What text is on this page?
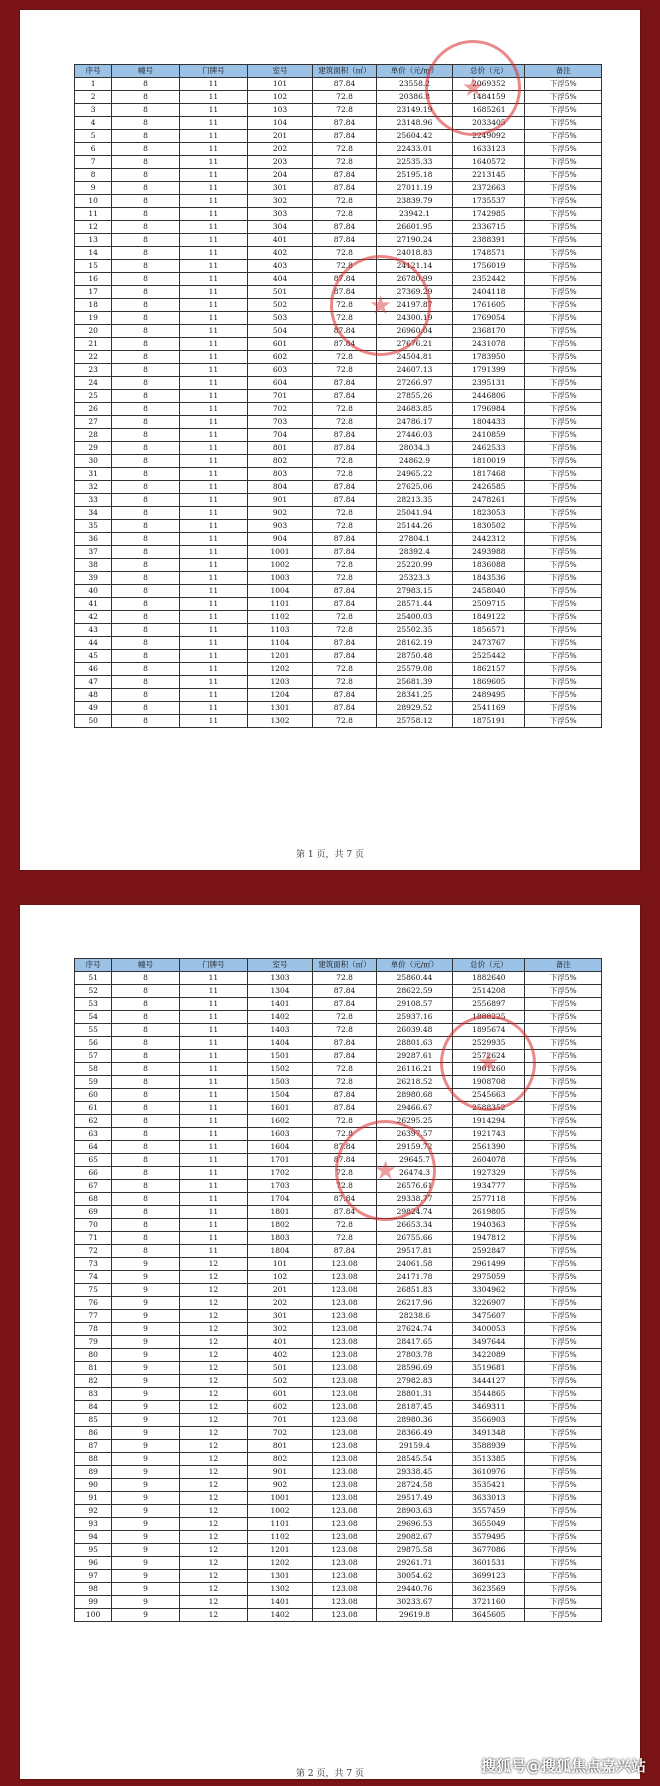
序号	幢号	门牌号	室号	建筑面积（㎡）	单价（元/㎡）	总价（元）	备注
1	8	11	101	87.84	23558.2	2069352	下浮5%
2	8	11	102	72.8	20386.8	1484159	下浮5%
3	8	11	103	72.8	23149.19	1685261	下浮5%
4	8	11	104	87.84	23148.96	2033405	下浮5%
5	8	11	201	87.84	25604.42	2249092	下浮5%
6	8	11	202	72.8	22433.01	1633123	下浮5%
7	8	11	203	72.8	22535.33	1640572	下浮5%
8	8	11	204	87.84	25195.18	2213145	下浮5%
9	8	11	301	87.84	27011.19	2372663	下浮5%
10	8	11	302	72.8	23839.79	1735537	下浮5%
11	8	11	303	72.8	23942.1	1742985	下浮5%
12	8	11	304	87.84	26601.95	2336715	下浮5%
13	8	11	401	87.84	27190.24	2388391	下浮5%
14	8	11	402	72.8	24018.83	1748571	下浮5%
15	8	11	403	72.8	24121.14	1756019	下浮5%
16	8	11	404	87.84	26780.99	2352442	下浮5%
17	8	11	501	87.84	27369.29	2404118	下浮5%
18	8	11	502	72.8	24197.87	1761605	下浮5%
19	8	11	503	72.8	24300.19	1769054	下浮5%
20	8	11	504	87.84	26960.04	2368170	下浮5%
21	8	11	601	87.84	27676.21	2431078	下浮5%
22	8	11	602	72.8	24504.81	1783950	下浮5%
23	8	11	603	72.8	24607.13	1791399	下浮5%
24	8	11	604	87.84	27266.97	2395131	下浮5%
25	8	11	701	87.84	27855.26	2446806	下浮5%
26	8	11	702	72.8	24683.85	1796984	下浮5%
27	8	11	703	72.8	24786.17	1804433	下浮5%
28	8	11	704	87.84	27446.03	2410859	下浮5%
29	8	11	801	87.84	28034.3	2462533	下浮5%
30	8	11	802	72.8	24862.9	1810019	下浮5%
31	8	11	803	72.8	24965.22	1817468	下浮5%
32	8	11	804	87.84	27625.06	2426585	下浮5%
33	8	11	901	87.84	28213.35	2478261	下浮5%
34	8	11	902	72.8	25041.94	1823053	下浮5%
35	8	11	903	72.8	25144.26	1830502	下浮5%
36	8	11	904	87.84	27804.1	2442312	下浮5%
37	8	11	1001	87.84	28392.4	2493988	下浮5%
38	8	11	1002	72.8	25220.99	1836088	下浮5%
39	8	11	1003	72.8	25323.3	1843536	下浮5%
40	8	11	1004	87.84	27983.15	2458040	下浮5%
41	8	11	1101	87.84	28571.44	2509715	下浮5%
42	8	11	1102	72.8	25400.03	1849122	下浮5%
43	8	11	1103	72.8	25502.35	1856571	下浮5%
44	8	11	1104	87.84	28162.19	2473767	下浮5%
45	8	11	1201	87.84	28750.48	2525442	下浮5%
46	8	11	1202	72.8	25579.08	1862157	下浮5%
47	8	11	1203	72.8	25681.39	1869605	下浮5%
48	8	11	1204	87.84	28341.25	2489495	下浮5%
49	8	11	1301	87.84	28929.52	2541169	下浮5%
50	8	11	1302	72.8	25758.12	1875191	下浮5%
★
★
第 1 页，共 7 页
序号	幢号	门牌号	室号	建筑面积（㎡）	单价（元/㎡）	总价（元）	备注
51	8	11	1303	72.8	25860.44	1882640	下浮5%
52	8	11	1304	87.84	28622.59	2514208	下浮5%
53	8	11	1401	87.84	29108.57	2556897	下浮5%
54	8	11	1402	72.8	25937.16	1888225	下浮5%
55	8	11	1403	72.8	26039.48	1895674	下浮5%
56	8	11	1404	87.84	28801.63	2529935	下浮5%
57	8	11	1501	87.84	29287.61	2572624	下浮5%
58	8	11	1502	72.8	26116.21	1901260	下浮5%
59	8	11	1503	72.8	26218.52	1908708	下浮5%
60	8	11	1504	87.84	28980.68	2545663	下浮5%
61	8	11	1601	87.84	29466.67	2588352	下浮5%
62	8	11	1602	72.8	26295.25	1914294	下浮5%
63	8	11	1603	72.8	26397.57	1921743	下浮5%
64	8	11	1604	87.84	29159.72	2561390	下浮5%
65	8	11	1701	87.84	29645.7	2604078	下浮5%
66	8	11	1702	72.8	26474.3	1927329	下浮5%
67	8	11	1703	72.8	26576.61	1934777	下浮5%
68	8	11	1704	87.84	29338.77	2577118	下浮5%
69	8	11	1801	87.84	29824.74	2619805	下浮5%
70	8	11	1802	72.8	26653.34	1940363	下浮5%
71	8	11	1803	72.8	26755.66	1947812	下浮5%
72	8	11	1804	87.84	29517.81	2592847	下浮5%
73	9	12	101	123.08	24061.58	2961499	下浮5%
74	9	12	102	123.08	24171.78	2975059	下浮5%
75	9	12	201	123.08	26851.83	3304962	下浮5%
76	9	12	202	123.08	26217.96	3226907	下浮5%
77	9	12	301	123.08	28238.6	3475607	下浮5%
78	9	12	302	123.08	27624.74	3400053	下浮5%
79	9	12	401	123.08	28417.65	3497644	下浮5%
80	9	12	402	123.08	27803.78	3422089	下浮5%
81	9	12	501	123.08	28596.69	3519681	下浮5%
82	9	12	502	123.08	27982.83	3444127	下浮5%
83	9	12	601	123.08	28801.31	3544865	下浮5%
84	9	12	602	123.08	28187.45	3469311	下浮5%
85	9	12	701	123.08	28980.36	3566903	下浮5%
86	9	12	702	123.08	28366.49	3491348	下浮5%
87	9	12	801	123.08	29159.4	3588939	下浮5%
88	9	12	802	123.08	28545.54	3513385	下浮5%
89	9	12	901	123.08	29338.45	3610976	下浮5%
90	9	12	902	123.08	28724.58	3535421	下浮5%
91	9	12	1001	123.08	29517.49	3633013	下浮5%
92	9	12	1002	123.08	28903.63	3557459	下浮5%
93	9	12	1101	123.08	29696.53	3655049	下浮5%
94	9	12	1102	123.08	29082.67	3579495	下浮5%
95	9	12	1201	123.08	29875.58	3677086	下浮5%
96	9	12	1202	123.08	29261.71	3601531	下浮5%
97	9	12	1301	123.08	30054.62	3699123	下浮5%
98	9	12	1302	123.08	29440.76	3623569	下浮5%
99	9	12	1401	123.08	30233.67	3721160	下浮5%
100	9	12	1402	123.08	29619.8	3645605	下浮5%
★
★
第 2 页，共 7 页	搜狐号@搜狐焦点嘉兴站
